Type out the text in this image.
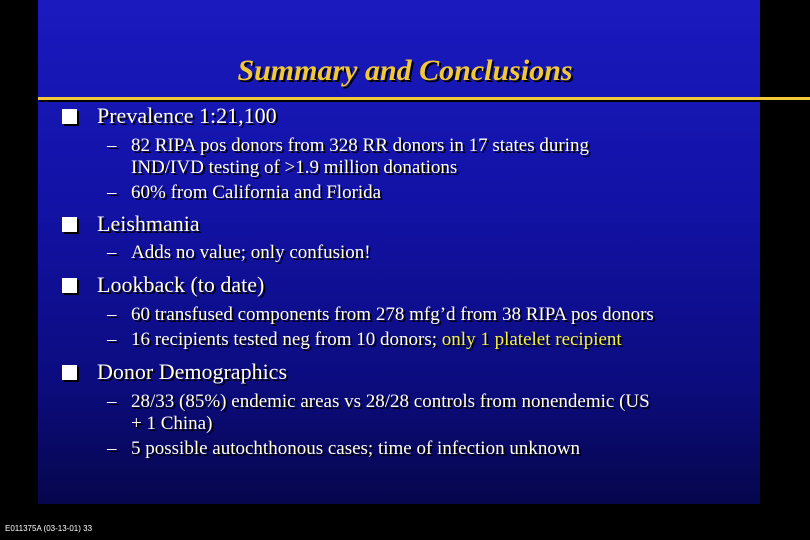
Summary and Conclusions
Prevalence 1:21,100
– 82 RIPA pos donors from 328 RR donors in 17 states during
IND/IVD testing of >1.9 million donations
– 60% from California and Florida
Leishmania
– Adds no value; only confusion!
Lookback (to date)
– 60 transfused components from 278 mfg’d from 38 RIPA pos donors
– 16 recipients tested neg from 10 donors; only 1 platelet recipient
Donor Demographics
– 28/33 (85%) endemic areas vs 28/28 controls from nonendemic (US
+ 1 China)
– 5 possible autochthonous cases; time of infection unknown
E011375A (03-13-01) 33
